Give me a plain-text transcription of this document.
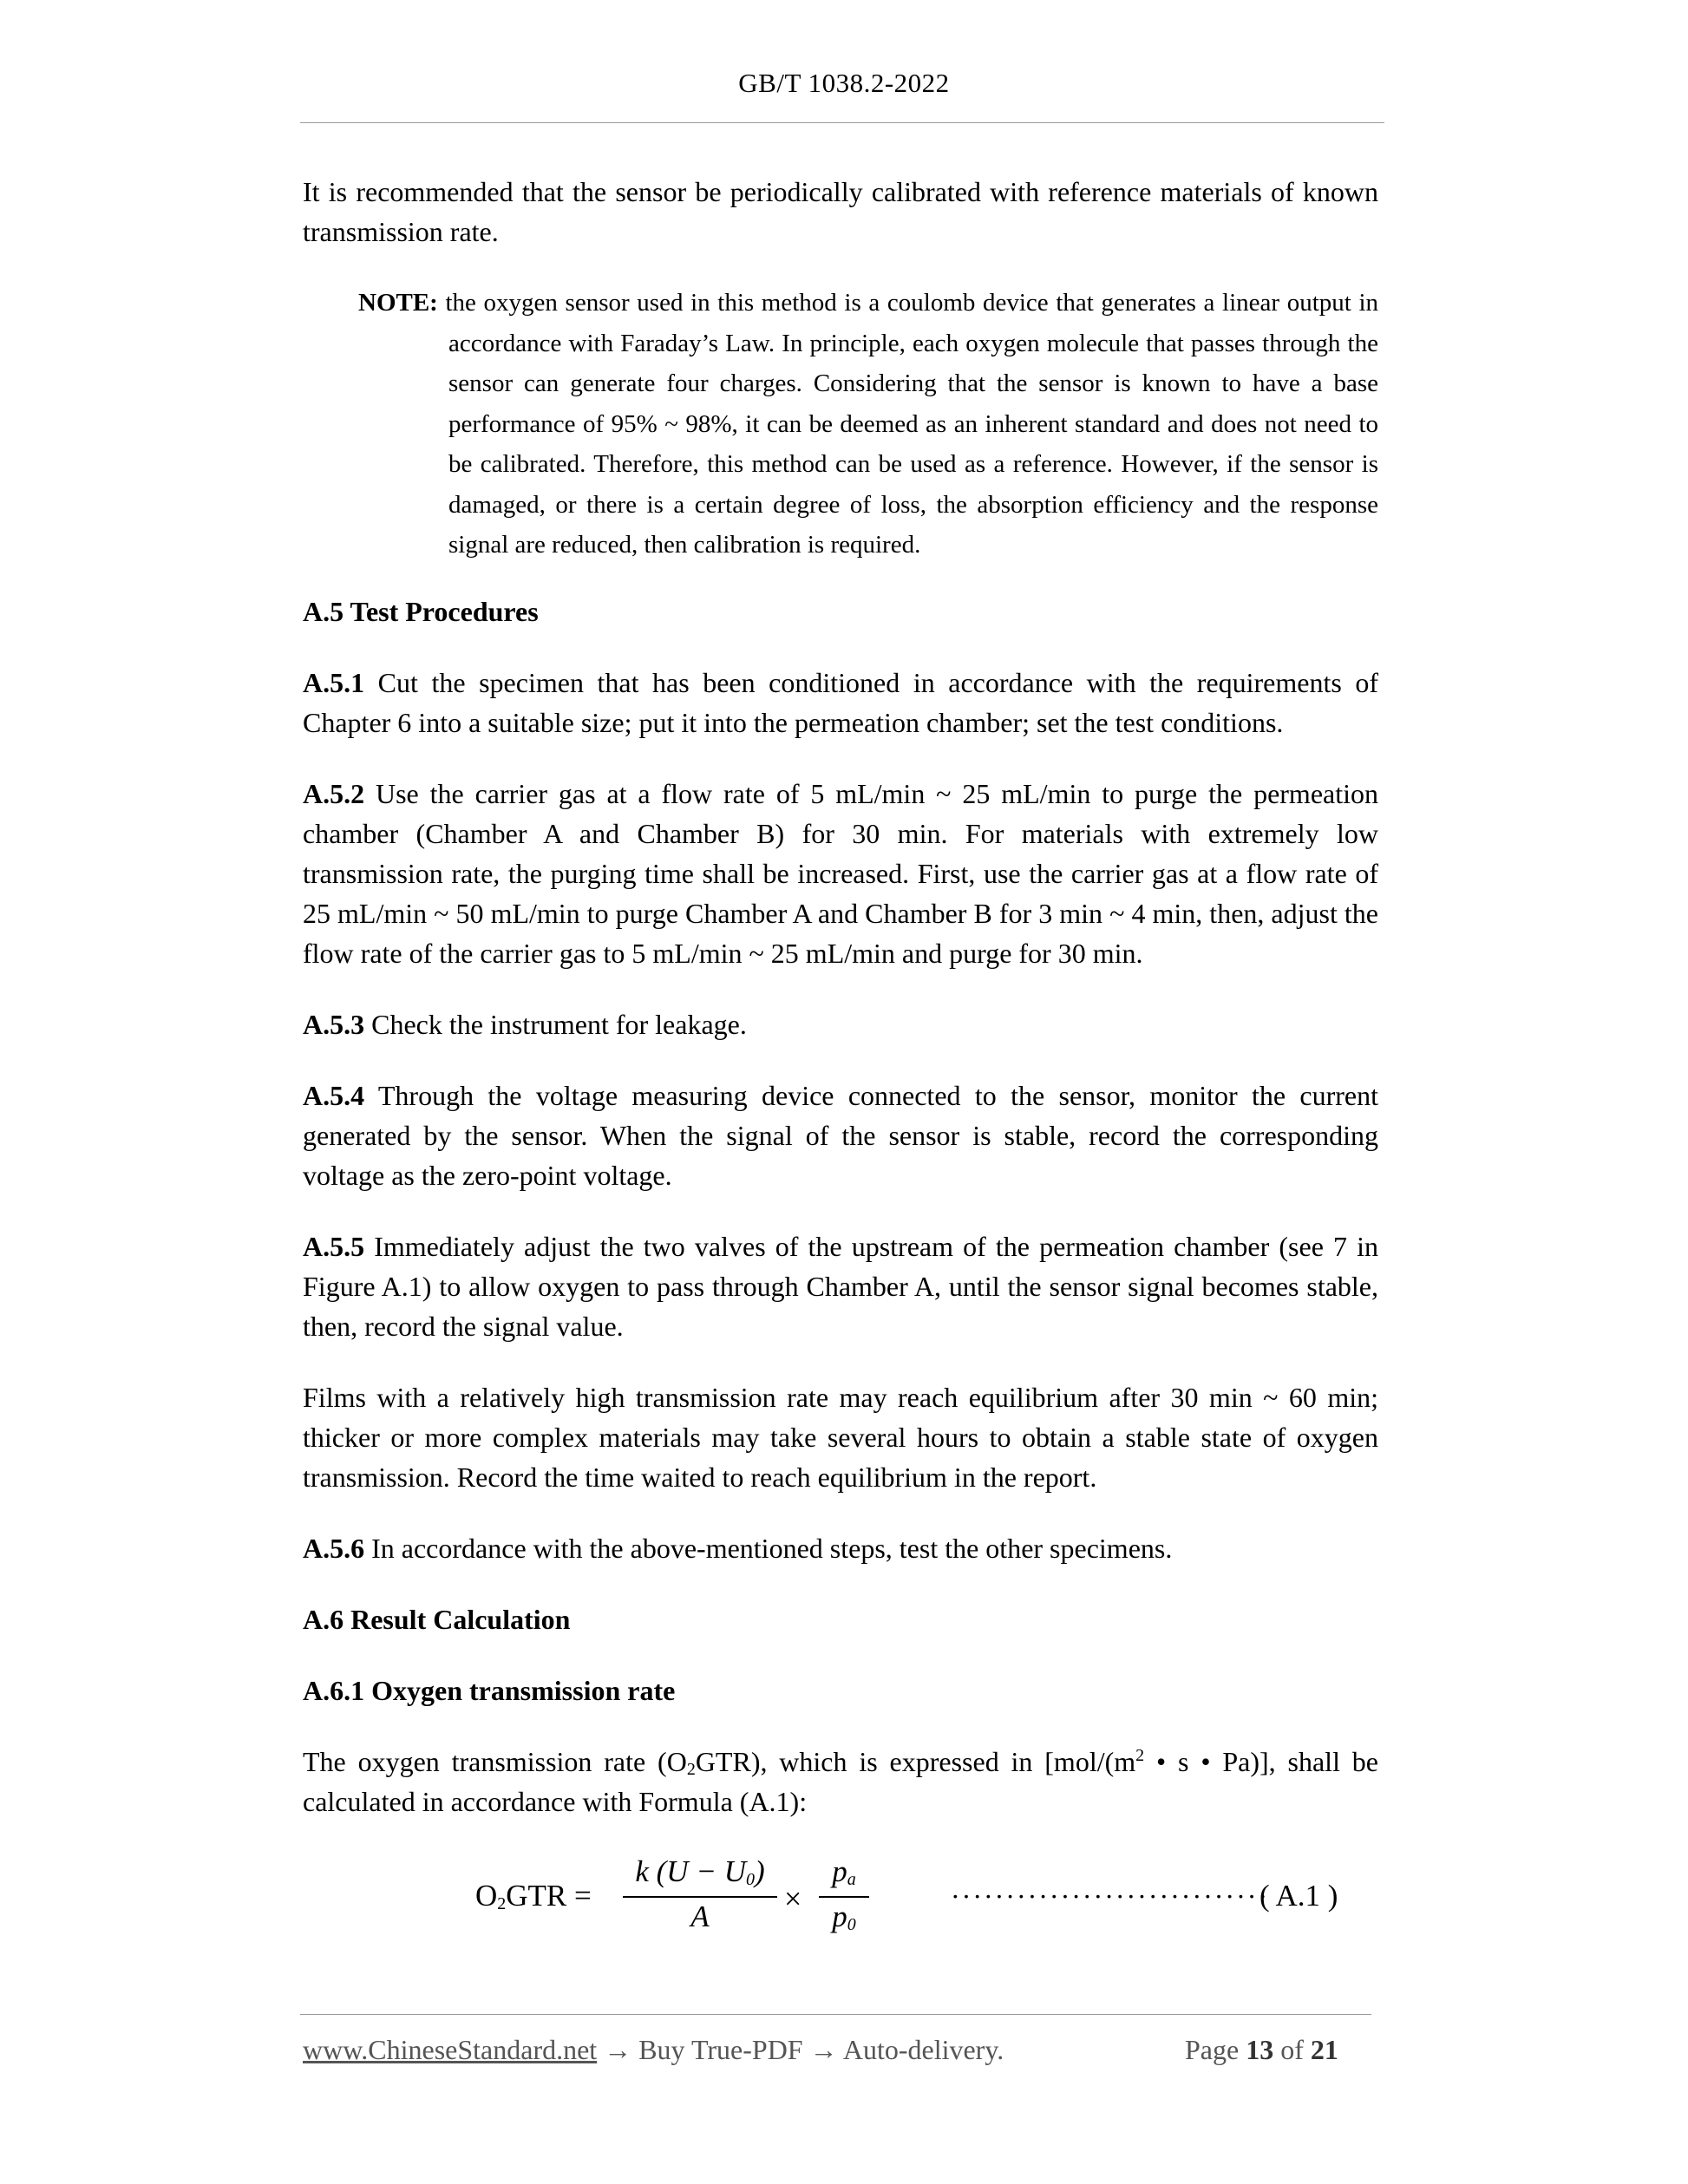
GB/T 1038.2-2022

It is recommended that the sensor be periodically calibrated with reference materials of known transmission rate.

NOTE: the oxygen sensor used in this method is a coulomb device that generates a linear output in accordance with Faraday’s Law. In principle, each oxygen molecule that passes through the sensor can generate four charges. Considering that the sensor is known to have a base performance of 95% ~ 98%, it can be deemed as an inherent standard and does not need to be calibrated. Therefore, this method can be used as a reference. However, if the sensor is damaged, or there is a certain degree of loss, the absorption efficiency and the response signal are reduced, then calibration is required.

A.5 Test Procedures

A.5.1 Cut the specimen that has been conditioned in accordance with the requirements of Chapter 6 into a suitable size; put it into the permeation chamber; set the test conditions.

A.5.2 Use the carrier gas at a flow rate of 5 mL/min ~ 25 mL/min to purge the permeation chamber (Chamber A and Chamber B) for 30 min. For materials with extremely low transmission rate, the purging time shall be increased. First, use the carrier gas at a flow rate of 25 mL/min ~ 50 mL/min to purge Chamber A and Chamber B for 3 min ~ 4 min, then, adjust the flow rate of the carrier gas to 5 mL/min ~ 25 mL/min and purge for 30 min.

A.5.3 Check the instrument for leakage.

A.5.4 Through the voltage measuring device connected to the sensor, monitor the current generated by the sensor. When the signal of the sensor is stable, record the corresponding voltage as the zero-point voltage.

A.5.5 Immediately adjust the two valves of the upstream of the permeation chamber (see 7 in Figure A.1) to allow oxygen to pass through Chamber A, until the sensor signal becomes stable, then, record the signal value.

Films with a relatively high transmission rate may reach equilibrium after 30 min ~ 60 min; thicker or more complex materials may take several hours to obtain a stable state of oxygen transmission. Record the time waited to reach equilibrium in the report.

A.5.6 In accordance with the above-mentioned steps, test the other specimens.

A.6 Result Calculation

A.6.1 Oxygen transmission rate

The oxygen transmission rate $(O_2GTR)$, which is expressed in [$mol/(m^2$ • s • Pa)], shall be calculated in accordance with Formula (A.1):

$O_2GTR$ =
k $(U - U_0)$
A
×
$p_a$
$p_0$
·····························
( A.1 )
www.ChineseStandard.net → Buy True-PDF → Auto-delivery.	Page 13 of 21
